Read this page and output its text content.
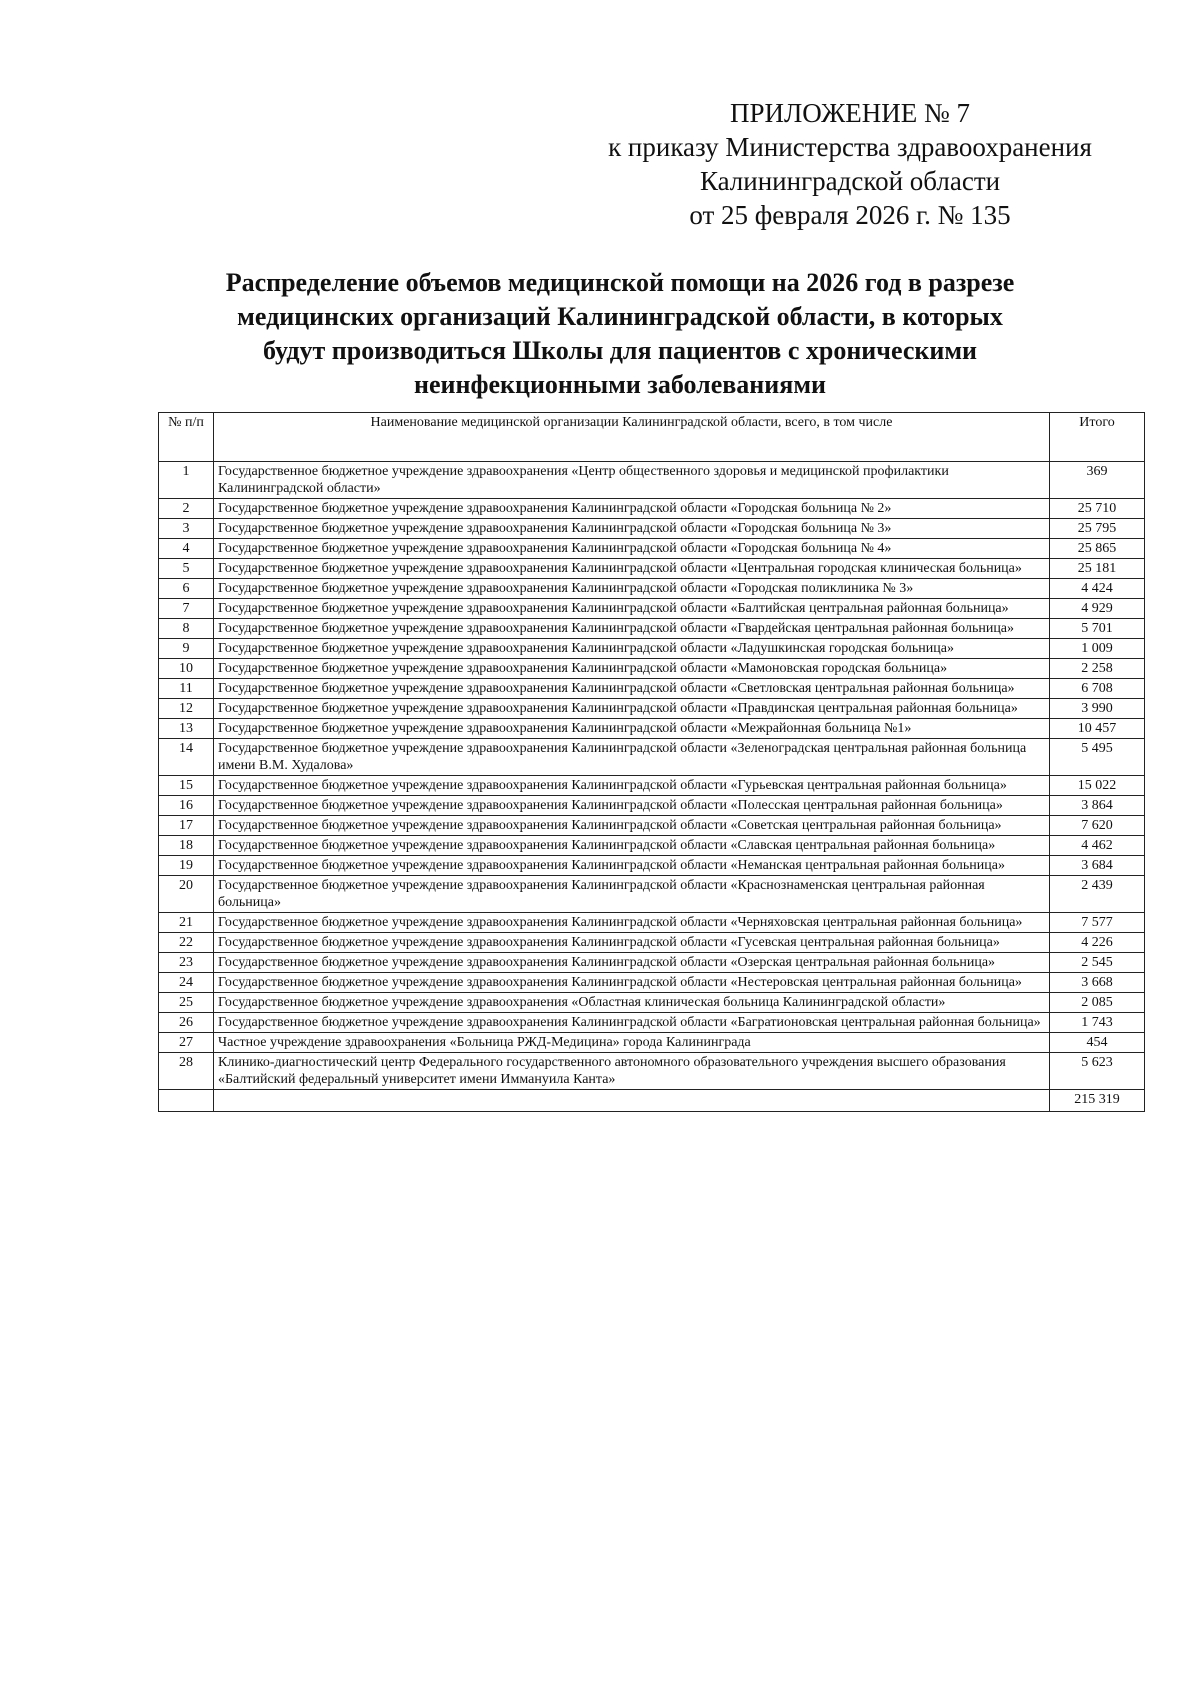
ПРИЛОЖЕНИЕ № 7
к приказу Министерства здравоохранения
Калининградской области
от 25 февраля 2026 г. № 135
Распределение объемов медицинской помощи на 2026 год в разрезе
медицинских организаций Калининградской области, в которых
будут производиться Школы для пациентов с хроническими
неинфекционными заболеваниями
№ п/п	Наименование медицинской организации Калининградской области, всего, в том числе	Итого
1	Государственное бюджетное учреждение здравоохранения «Центр общественного здоровья и медицинской профилактики Калининградской области»	369
2	Государственное бюджетное учреждение здравоохранения Калининградской области «Городская больница № 2»	25 710
3	Государственное бюджетное учреждение здравоохранения Калининградской области «Городская больница № 3»	25 795
4	Государственное бюджетное учреждение здравоохранения Калининградской области «Городская больница № 4»	25 865
5	Государственное бюджетное учреждение здравоохранения Калининградской области «Центральная городская клиническая больница»	25 181
6	Государственное бюджетное учреждение здравоохранения Калининградской области «Городская поликлиника № 3»	4 424
7	Государственное бюджетное учреждение здравоохранения Калининградской области «Балтийская центральная районная больница»	4 929
8	Государственное бюджетное учреждение здравоохранения Калининградской области «Гвардейская центральная районная больница»	5 701
9	Государственное бюджетное учреждение здравоохранения Калининградской области «Ладушкинская городская больница»	1 009
10	Государственное бюджетное учреждение здравоохранения Калининградской области «Мамоновская городская больница»	2 258
11	Государственное бюджетное учреждение здравоохранения Калининградской области «Светловская центральная районная больница»	6 708
12	Государственное бюджетное учреждение здравоохранения Калининградской области «Правдинская центральная районная больница»	3 990
13	Государственное бюджетное учреждение здравоохранения Калининградской области «Межрайонная больница №1»	10 457
14	Государственное бюджетное учреждение здравоохранения Калининградской области «Зеленоградская центральная районная больница имени В.М. Худалова»	5 495
15	Государственное бюджетное учреждение здравоохранения Калининградской области «Гурьевская центральная районная больница»	15 022
16	Государственное бюджетное учреждение здравоохранения Калининградской области «Полесская центральная районная больница»	3 864
17	Государственное бюджетное учреждение здравоохранения Калининградской области «Советская центральная районная больница»	7 620
18	Государственное бюджетное учреждение здравоохранения Калининградской области «Славская центральная районная больница»	4 462
19	Государственное бюджетное учреждение здравоохранения Калининградской области «Неманская центральная районная больница»	3 684
20	Государственное бюджетное учреждение здравоохранения Калининградской области «Краснознаменская центральная районная больница»	2 439
21	Государственное бюджетное учреждение здравоохранения Калининградской области «Черняховская центральная районная больница»	7 577
22	Государственное бюджетное учреждение здравоохранения Калининградской области «Гусевская центральная районная больница»	4 226
23	Государственное бюджетное учреждение здравоохранения Калининградской области «Озерская центральная районная больница»	2 545
24	Государственное бюджетное учреждение здравоохранения Калининградской области «Нестеровская центральная районная больница»	3 668
25	Государственное бюджетное учреждение здравоохранения «Областная клиническая больница Калининградской области»	2 085
26	Государственное бюджетное учреждение здравоохранения Калининградской области «Багратионовская центральная районная больница»	1 743
27	Частное учреждение здравоохранения «Больница РЖД-Медицина» города Калининграда	454
28	Клинико-диагностический центр Федерального государственного автономного образовательного учреждения высшего образования «Балтийский федеральный университет имени Иммануила Канта»	5 623
		215 319
